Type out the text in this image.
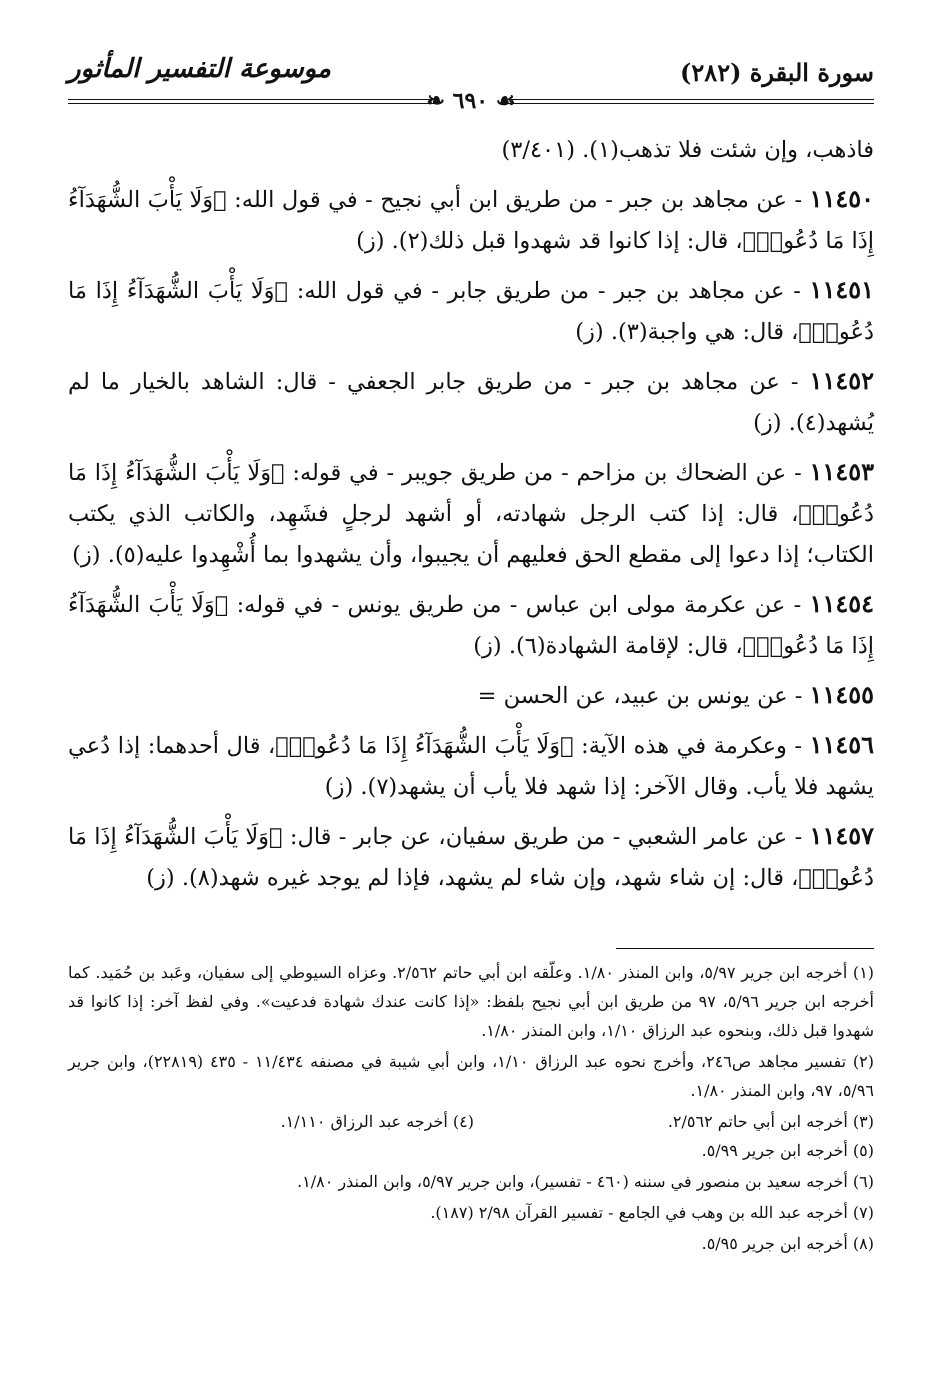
سورة البقرة (٢٨٢)
موسوعة التفسير المأثور
❧ ٦٩٠ ☙

فاذهب، وإن شئت فلا تذهب(١). (٣/٤٠١)

١١٤٥٠ - عن مجاهد بن جبر - من طريق ابن أبي نجيح - في قول الله: ﴿وَلَا يَأْبَ الشُّهَدَآءُ إِذَا مَا دُعُوا۟﴾، قال: إذا كانوا قد شهدوا قبل ذلك(٢). (ز)

١١٤٥١ - عن مجاهد بن جبر - من طريق جابر - في قول الله: ﴿وَلَا يَأْبَ الشُّهَدَآءُ إِذَا مَا دُعُوا۟﴾، قال: هي واجبة(٣). (ز)

١١٤٥٢ - عن مجاهد بن جبر - من طريق جابر الجعفي - قال: الشاهد بالخيار ما لم يُشهد(٤). (ز)

١١٤٥٣ - عن الضحاك بن مزاحم - من طريق جويبر - في قوله: ﴿وَلَا يَأْبَ الشُّهَدَآءُ إِذَا مَا دُعُوا۟﴾، قال: إذا كتب الرجل شهادته، أو أشهد لرجلٍ فشَهِد، والكاتب الذي يكتب الكتاب؛ إذا دعوا إلى مقطع الحق فعليهم أن يجيبوا، وأن يشهدوا بما أُشْهِدوا عليه(٥). (ز)

١١٤٥٤ - عن عكرمة مولى ابن عباس - من طريق يونس - في قوله: ﴿وَلَا يَأْبَ الشُّهَدَآءُ إِذَا مَا دُعُوا۟﴾، قال: لإقامة الشهادة(٦). (ز)

١١٤٥٥ - عن يونس بن عبيد، عن الحسن =

١١٤٥٦ - وعكرمة في هذه الآية: ﴿وَلَا يَأْبَ الشُّهَدَآءُ إِذَا مَا دُعُوا۟﴾، قال أحدهما: إذا دُعي يشهد فلا يأب. وقال الآخر: إذا شهد فلا يأب أن يشهد(٧). (ز)

١١٤٥٧ - عن عامر الشعبي - من طريق سفيان، عن جابر - قال: ﴿وَلَا يَأْبَ الشُّهَدَآءُ إِذَا مَا دُعُوا۟﴾، قال: إن شاء شهد، وإن شاء لم يشهد، فإذا لم يوجد غيره شهد(٨). (ز)

(١) أخرجه ابن جرير ٥/٩٧، وابن المنذر ١/٨٠. وعلّقه ابن أبي حاتم ٢/٥٦٢. وعزاه السيوطي إلى سفيان، وعَبد بن حُمَيد. كما أخرجه ابن جرير ٥/٩٦، ٩٧ من طريق ابن أبي نجيح بلفظ: «إذا كانت عندك شهادة فدعيت». وفي لفظ آخر: إذا كانوا قد شهدوا قبل ذلك، وبنحوه عبد الرزاق ١/١٠، وابن المنذر ١/٨٠.

(٢) تفسير مجاهد ص٢٤٦، وأخرج نحوه عبد الرزاق ١/١٠، وابن أبي شيبة في مصنفه ١١/٤٣٤ - ٤٣٥ (٢٢٨١٩)، وابن جرير ٥/٩٦، ٩٧، وابن المنذر ١/٨٠.

(٣) أخرجه ابن أبي حاتم ٢/٥٦٢.
(٤) أخرجه عبد الرزاق ١/١١٠.

(٥) أخرجه ابن جرير ٥/٩٩.

(٦) أخرجه سعيد بن منصور في سننه (٤٦٠ - تفسير)، وابن جرير ٥/٩٧، وابن المنذر ١/٨٠.

(٧) أخرجه عبد الله بن وهب في الجامع - تفسير القرآن ٢/٩٨ (١٨٧).

(٨) أخرجه ابن جرير ٥/٩٥.
